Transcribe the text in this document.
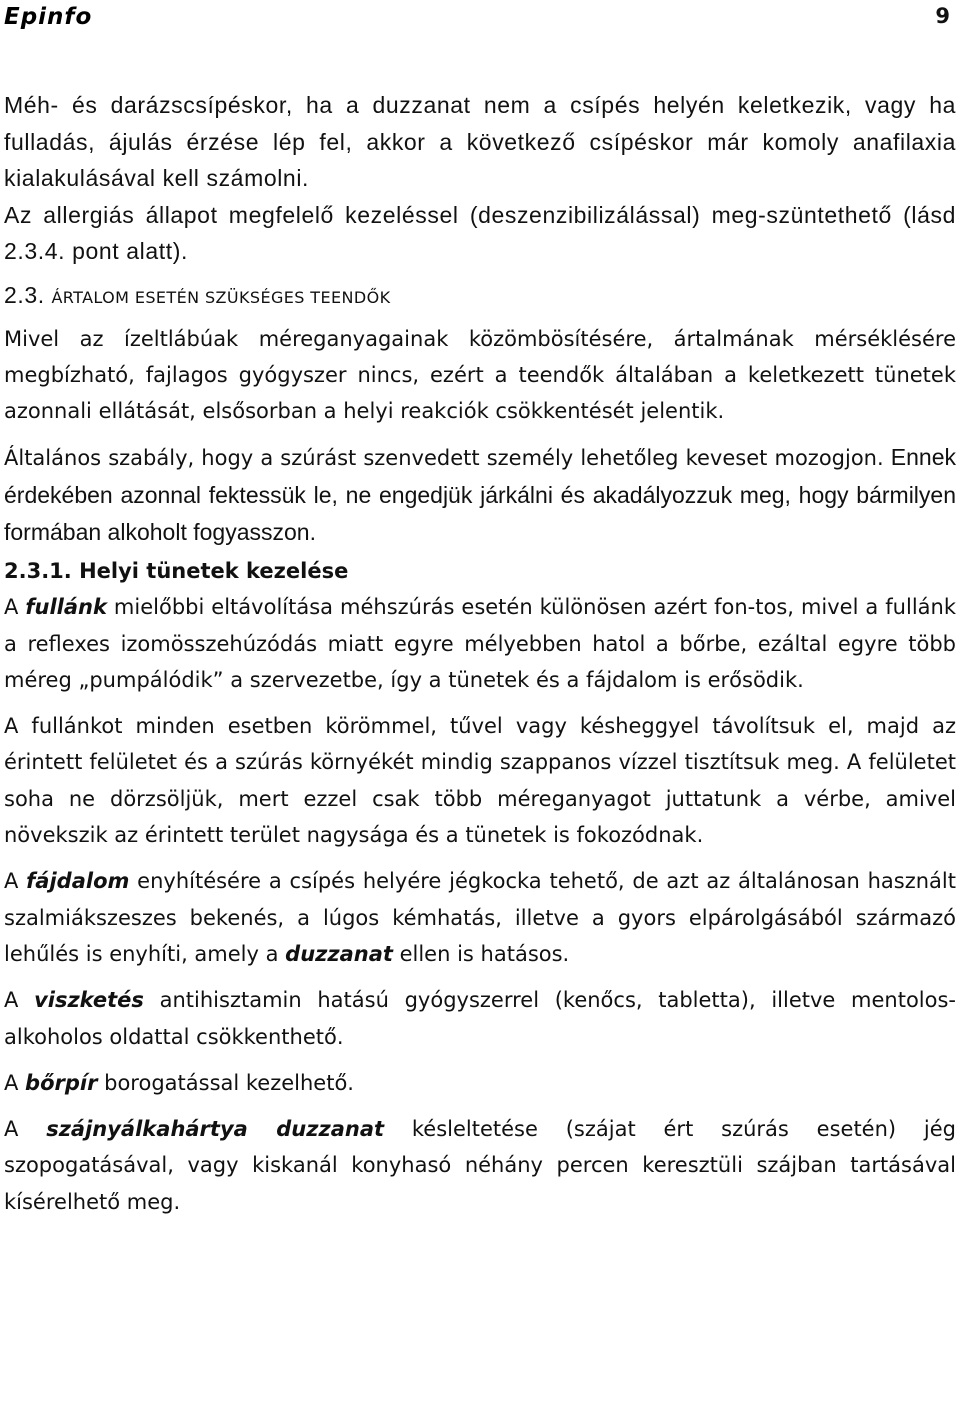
Epinfo	9

Méh- és darázscsípéskor, ha a duzzanat nem a csípés helyén keletkezik, vagy ha fulladás, ájulás érzése lép fel, akkor a következő csípéskor már komoly anafilaxia kialakulásával kell számolni.

Az allergiás állapot megfelelő kezeléssel (deszenzibilizálással) meg-szüntethető (lásd 2.3.4. pont alatt).

2.3. ÁRTALOM ESETÉN SZÜKSÉGES TEENDŐK

Mivel az ízeltlábúak méreganyagainak közömbösítésére, ártalmának mérséklésére megbízható, fajlagos gyógyszer nincs, ezért a teendők általában a keletkezett tünetek azonnali ellátását, elsősorban a helyi reakciók csökkentését jelentik.

Általános szabály, hogy a szúrást szenvedett személy lehetőleg keveset mozogjon. Ennek érdekében azonnal fektessük le, ne engedjük járkálni és akadályozzuk meg, hogy bármilyen formában alkoholt fogyasszon.

2.3.1. Helyi tünetek kezelése

A fullánk mielőbbi eltávolítása méhszúrás esetén különösen azért fon-tos, mivel a fullánk a reflexes izomösszehúzódás miatt egyre mélyebben hatol a bőrbe, ezáltal egyre több méreg „pumpálódik” a szervezetbe, így a tünetek és a fájdalom is erősödik.

A fullánkot minden esetben körömmel, tűvel vagy késheggyel távolítsuk el, majd az érintett felületet és a szúrás környékét mindig szappanos vízzel tisztítsuk meg. A felületet soha ne dörzsöljük, mert ezzel csak több méreganyagot juttatunk a vérbe, amivel növekszik az érintett terület nagysága és a tünetek is fokozódnak.

A fájdalom enyhítésére a csípés helyére jégkocka tehető, de azt az általánosan használt szalmiákszeszes bekenés, a lúgos kémhatás, illetve a gyors elpárolgásából származó lehűlés is enyhíti, amely a duzzanat ellen is hatásos.

A viszketés antihisztamin hatású gyógyszerrel (kenőcs, tabletta), illetve mentolos-alkoholos oldattal csökkenthető.

A bőrpír borogatással kezelhető.

A szájnyálkahártya duzzanat késleltetése (szájat ért szúrás esetén) jég szopogatásával, vagy kiskanál konyhasó néhány percen keresztüli szájban tartásával kísérelhető meg.
